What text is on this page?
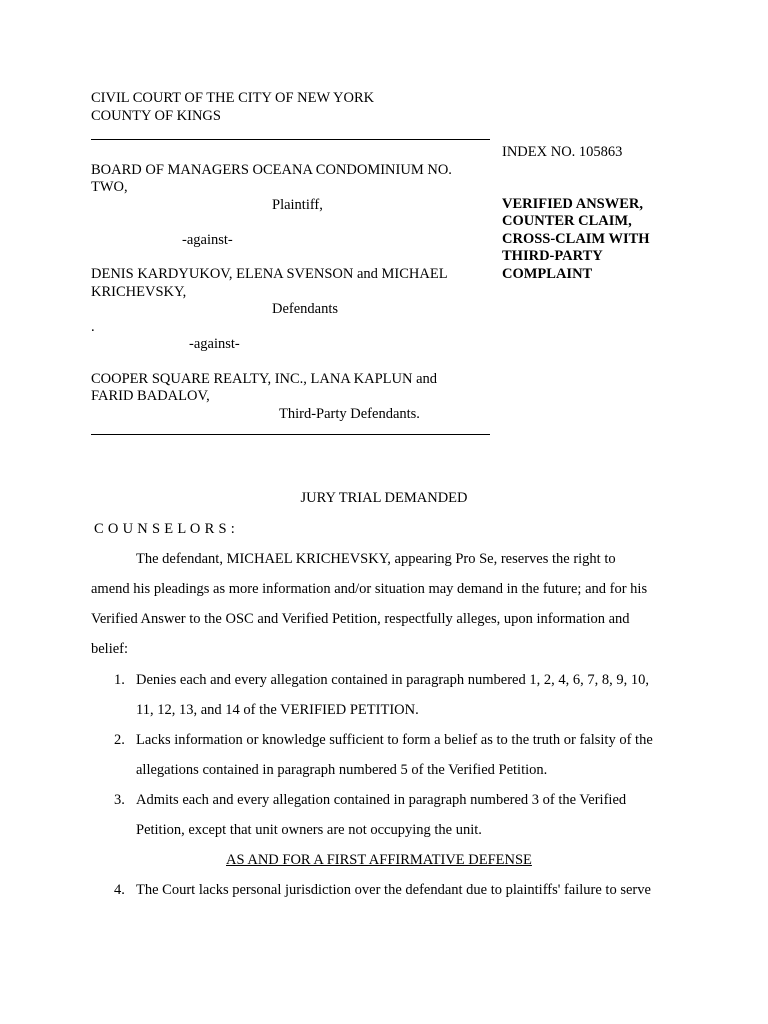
CIVIL COURT OF THE CITY OF NEW YORK
COUNTY OF KINGS
INDEX NO. 105863
BOARD OF MANAGERS OCEANA CONDOMINIUM NO.
TWO,
Plaintiff,	VERIFIED ANSWER,
COUNTER CLAIM,
CROSS-CLAIM WITH
THIRD-PARTY
COMPLAINT
-against-
DENIS KARDYUKOV, ELENA SVENSON and MICHAEL
KRICHEVSKY,
Defendants
.
-against-
COOPER SQUARE REALTY, INC., LANA KAPLUN and
FARID BADALOV,
Third-Party Defendants.
JURY TRIAL DEMANDED
C O U N S E L O R S :
The defendant, MICHAEL KRICHEVSKY, appearing Pro Se, reserves the right to
amend his pleadings as more information and/or situation may demand in the future; and for his
Verified Answer to the OSC and Verified Petition, respectfully alleges, upon information and
belief:
1. Denies each and every allegation contained in paragraph numbered 1, 2, 4, 6, 7, 8, 9, 10,
11, 12, 13, and 14 of the VERIFIED PETITION.
2. Lacks information or knowledge sufficient to form a belief as to the truth or falsity of the
allegations contained in paragraph numbered 5 of the Verified Petition.
3. Admits each and every allegation contained in paragraph numbered 3 of the Verified
Petition, except that unit owners are not occupying the unit.
AS AND FOR A FIRST AFFIRMATIVE DEFENSE
4. The Court lacks personal jurisdiction over the defendant due to plaintiffs' failure to serve
